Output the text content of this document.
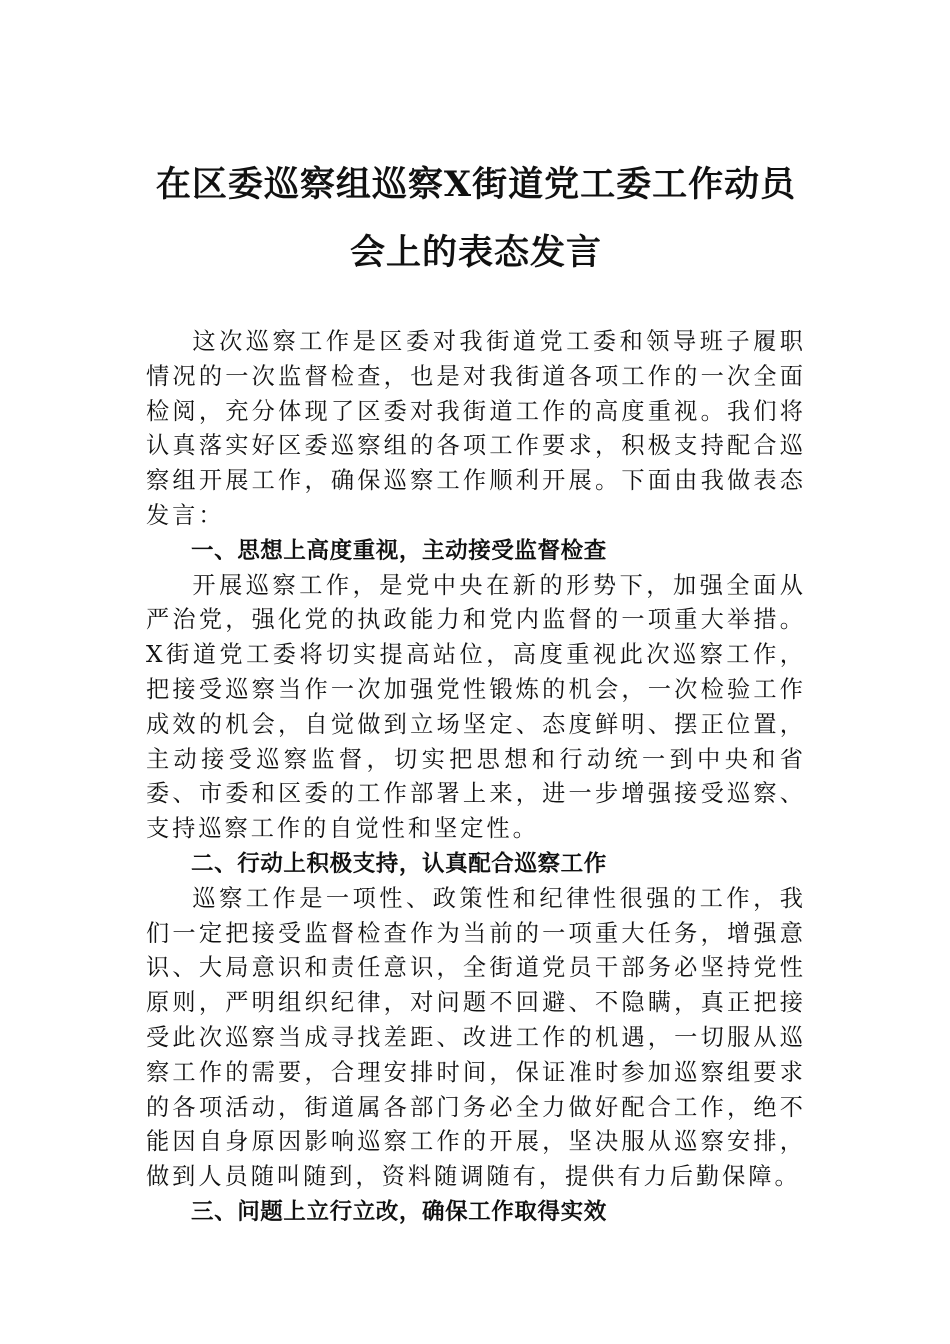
在区委巡察组巡察X街道党工委工作动员
会上的表态发言

这次巡察工作是区委对我街道党工委和领导班子履职情况的一次监督检查，也是对我街道各项工作的一次全面检阅，充分体现了区委对我街道工作的高度重视。我们将认真落实好区委巡察组的各项工作要求，积极支持配合巡察组开展工作，确保巡察工作顺利开展。下面由我做表态发言：

一、思想上高度重视，主动接受监督检查

开展巡察工作，是党中央在新的形势下，加强全面从严治党，强化党的执政能力和党内监督的一项重大举措。X街道党工委将切实提高站位，高度重视此次巡察工作，把接受巡察当作一次加强党性锻炼的机会，一次检验工作成效的机会，自觉做到立场坚定、态度鲜明、摆正位置，主动接受巡察监督，切实把思想和行动统一到中央和省委、市委和区委的工作部署上来，进一步增强接受巡察、支持巡察工作的自觉性和坚定性。

二、行动上积极支持，认真配合巡察工作

巡察工作是一项性、政策性和纪律性很强的工作，我们一定把接受监督检查作为当前的一项重大任务，增强意识、大局意识和责任意识，全街道党员干部务必坚持党性原则，严明组织纪律，对问题不回避、不隐瞒，真正把接受此次巡察当成寻找差距、改进工作的机遇，一切服从巡察工作的需要，合理安排时间，保证准时参加巡察组要求的各项活动，街道属各部门务必全力做好配合工作，绝不能因自身原因影响巡察工作的开展，坚决服从巡察安排，做到人员随叫随到，资料随调随有，提供有力后勤保障。

三、问题上立行立改，确保工作取得实效
